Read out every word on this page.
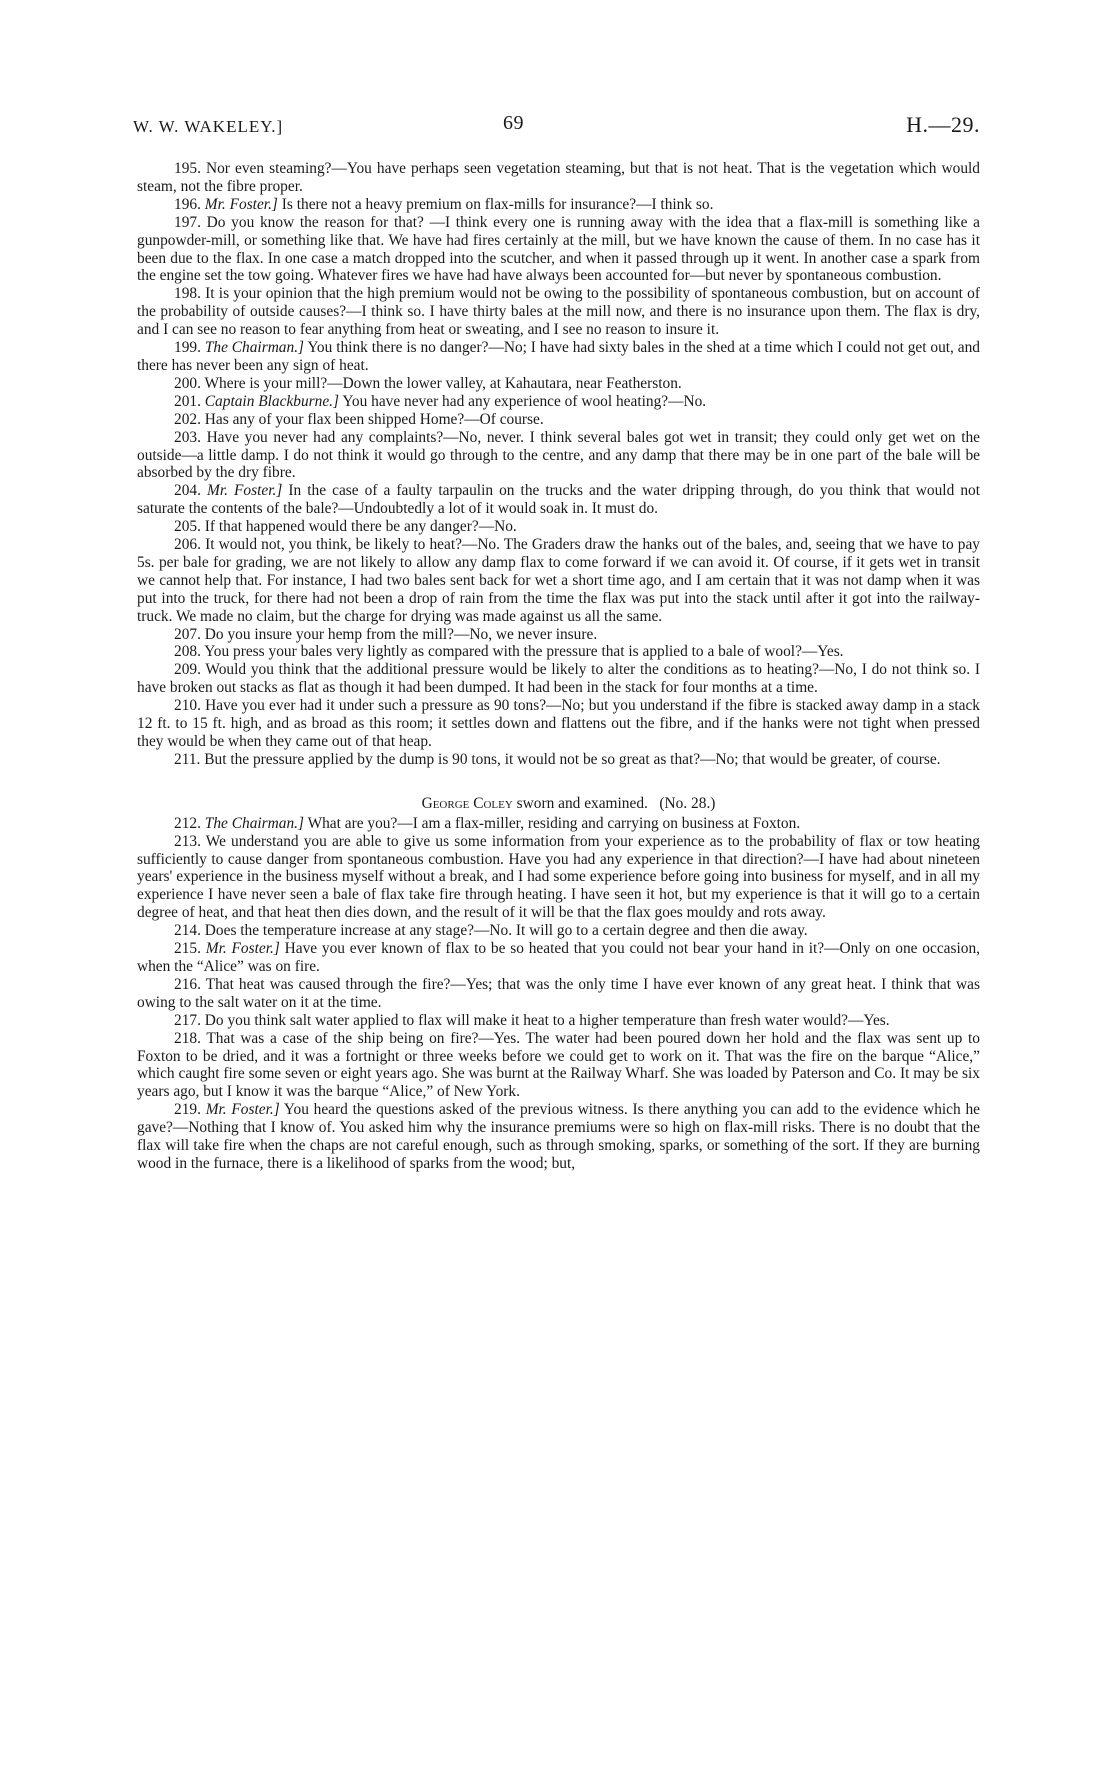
W. W. WAKELEY.]	69	H.—29.

195. Nor even steaming?—You have perhaps seen vegetation steaming, but that is not heat. That is the vegetation which would steam, not the fibre proper.

196. Mr. Foster.] Is there not a heavy premium on flax-mills for insurance?—I think so.

197. Do you know the reason for that? —I think every one is running away with the idea that a flax-mill is something like a gunpowder-mill, or something like that. We have had fires certainly at the mill, but we have known the cause of them. In no case has it been due to the flax. In one case a match dropped into the scutcher, and when it passed through up it went. In another case a spark from the engine set the tow going. Whatever fires we have had have always been accounted for—but never by spontaneous combustion.

198. It is your opinion that the high premium would not be owing to the possibility of spontaneous combustion, but on account of the probability of outside causes?—I think so. I have thirty bales at the mill now, and there is no insurance upon them. The flax is dry, and I can see no reason to fear anything from heat or sweating, and I see no reason to insure it.

199. The Chairman.] You think there is no danger?—No; I have had sixty bales in the shed at a time which I could not get out, and there has never been any sign of heat.

200. Where is your mill?—Down the lower valley, at Kahautara, near Featherston.

201. Captain Blackburne.] You have never had any experience of wool heating?—No.

202. Has any of your flax been shipped Home?—Of course.

203. Have you never had any complaints?—No, never. I think several bales got wet in transit; they could only get wet on the outside—a little damp. I do not think it would go through to the centre, and any damp that there may be in one part of the bale will be absorbed by the dry fibre.

204. Mr. Foster.] In the case of a faulty tarpaulin on the trucks and the water dripping through, do you think that would not saturate the contents of the bale?—Undoubtedly a lot of it would soak in. It must do.

205. If that happened would there be any danger?—No.

206. It would not, you think, be likely to heat?—No. The Graders draw the hanks out of the bales, and, seeing that we have to pay 5s. per bale for grading, we are not likely to allow any damp flax to come forward if we can avoid it. Of course, if it gets wet in transit we cannot help that. For instance, I had two bales sent back for wet a short time ago, and I am certain that it was not damp when it was put into the truck, for there had not been a drop of rain from the time the flax was put into the stack until after it got into the railway-truck. We made no claim, but the charge for drying was made against us all the same.

207. Do you insure your hemp from the mill?—No, we never insure.

208. You press your bales very lightly as compared with the pressure that is applied to a bale of wool?—Yes.

209. Would you think that the additional pressure would be likely to alter the conditions as to heating?—No, I do not think so. I have broken out stacks as flat as though it had been dumped. It had been in the stack for four months at a time.

210. Have you ever had it under such a pressure as 90 tons?—No; but you understand if the fibre is stacked away damp in a stack 12 ft. to 15 ft. high, and as broad as this room; it settles down and flattens out the fibre, and if the hanks were not tight when pressed they would be when they came out of that heap.

211. But the pressure applied by the dump is 90 tons, it would not be so great as that?—No; that would be greater, of course.

George Coley sworn and examined. (No. 28.)

212. The Chairman.] What are you?—I am a flax-miller, residing and carrying on business at Foxton.

213. We understand you are able to give us some information from your experience as to the probability of flax or tow heating sufficiently to cause danger from spontaneous combustion. Have you had any experience in that direction?—I have had about nineteen years' experience in the business myself without a break, and I had some experience before going into business for myself, and in all my experience I have never seen a bale of flax take fire through heating. I have seen it hot, but my experience is that it will go to a certain degree of heat, and that heat then dies down, and the result of it will be that the flax goes mouldy and rots away.

214. Does the temperature increase at any stage?—No. It will go to a certain degree and then die away.

215. Mr. Foster.] Have you ever known of flax to be so heated that you could not bear your hand in it?—Only on one occasion, when the “Alice” was on fire.

216. That heat was caused through the fire?—Yes; that was the only time I have ever known of any great heat. I think that was owing to the salt water on it at the time.

217. Do you think salt water applied to flax will make it heat to a higher temperature than fresh water would?—Yes.

218. That was a case of the ship being on fire?—Yes. The water had been poured down her hold and the flax was sent up to Foxton to be dried, and it was a fortnight or three weeks before we could get to work on it. That was the fire on the barque “Alice,” which caught fire some seven or eight years ago. She was burnt at the Railway Wharf. She was loaded by Paterson and Co. It may be six years ago, but I know it was the barque “Alice,” of New York.

219. Mr. Foster.] You heard the questions asked of the previous witness. Is there anything you can add to the evidence which he gave?—Nothing that I know of. You asked him why the insurance premiums were so high on flax-mill risks. There is no doubt that the flax will take fire when the chaps are not careful enough, such as through smoking, sparks, or something of the sort. If they are burning wood in the furnace, there is a likelihood of sparks from the wood; but,
